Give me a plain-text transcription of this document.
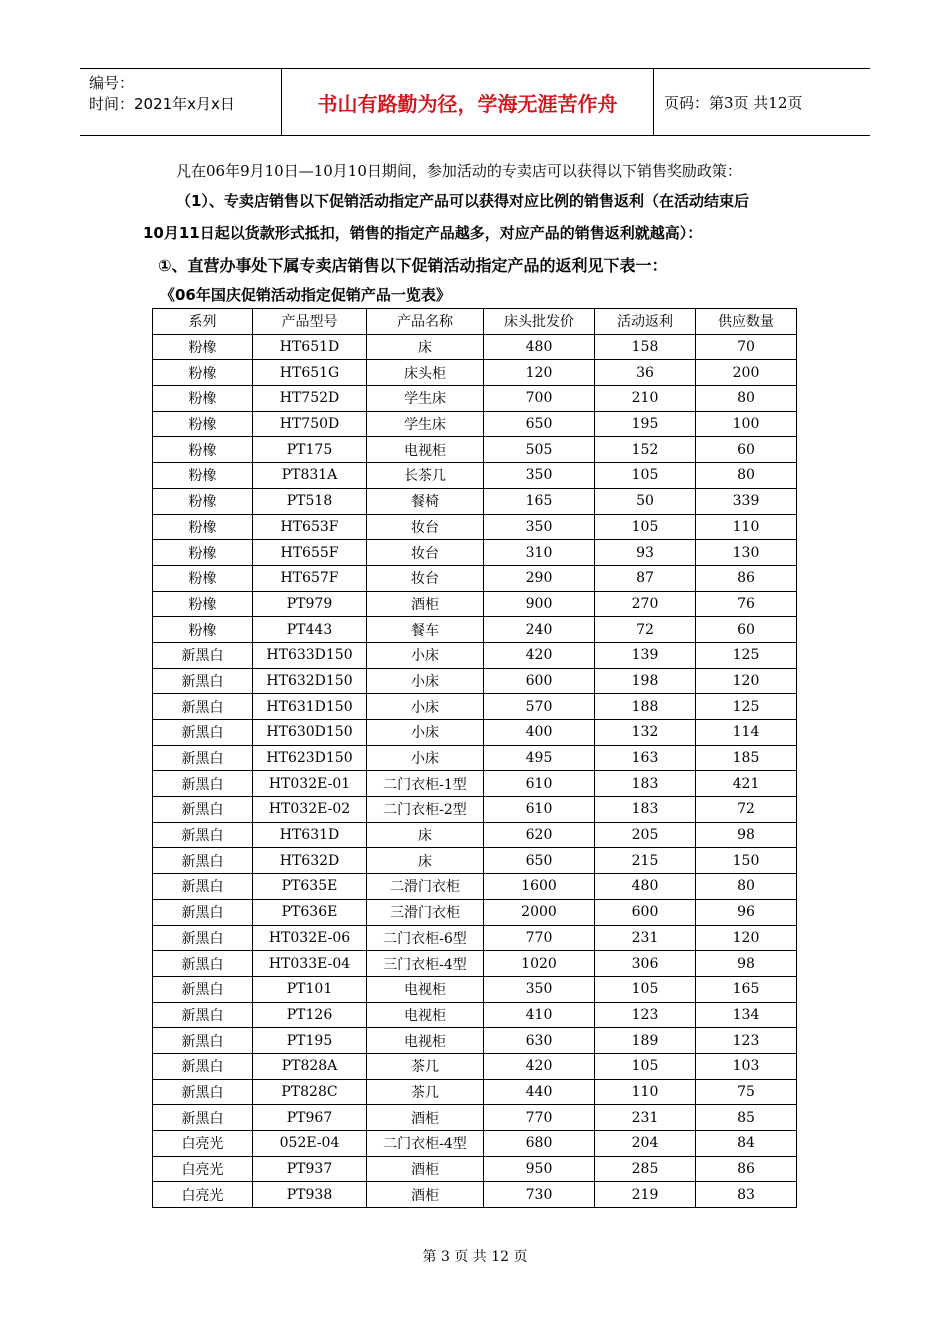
编号：
时间：2021年x月x日	书山有路勤为径，学海无涯苦作舟	页码：第3页 共12页
凡在06年9月10日—10月10日期间，参加活动的专卖店可以获得以下销售奖励政策：
（1）、专卖店销售以下促销活动指定产品可以获得对应比例的销售返利（在活动结束后
10月11日起以货款形式抵扣，销售的指定产品越多，对应产品的销售返利就越高）：
①、直营办事处下属专卖店销售以下促销活动指定产品的返利见下表一：
《06年国庆促销活动指定促销产品一览表》
系列	产品型号	产品名称	床头批发价	活动返利	供应数量
粉橡	HT651D	床	480	158	70
粉橡	HT651G	床头柜	120	36	200
粉橡	HT752D	学生床	700	210	80
粉橡	HT750D	学生床	650	195	100
粉橡	PT175	电视柜	505	152	60
粉橡	PT831A	长茶几	350	105	80
粉橡	PT518	餐椅	165	50	339
粉橡	HT653F	妆台	350	105	110
粉橡	HT655F	妆台	310	93	130
粉橡	HT657F	妆台	290	87	86
粉橡	PT979	酒柜	900	270	76
粉橡	PT443	餐车	240	72	60
新黑白	HT633D150	小床	420	139	125
新黑白	HT632D150	小床	600	198	120
新黑白	HT631D150	小床	570	188	125
新黑白	HT630D150	小床	400	132	114
新黑白	HT623D150	小床	495	163	185
新黑白	HT032E-01	二门衣柜-1型	610	183	421
新黑白	HT032E-02	二门衣柜-2型	610	183	72
新黑白	HT631D	床	620	205	98
新黑白	HT632D	床	650	215	150
新黑白	PT635E	二滑门衣柜	1600	480	80
新黑白	PT636E	三滑门衣柜	2000	600	96
新黑白	HT032E-06	二门衣柜-6型	770	231	120
新黑白	HT033E-04	三门衣柜-4型	1020	306	98
新黑白	PT101	电视柜	350	105	165
新黑白	PT126	电视柜	410	123	134
新黑白	PT195	电视柜	630	189	123
新黑白	PT828A	茶几	420	105	103
新黑白	PT828C	茶几	440	110	75
新黑白	PT967	酒柜	770	231	85
白亮光	052E-04	二门衣柜-4型	680	204	84
白亮光	PT937	酒柜	950	285	86
白亮光	PT938	酒柜	730	219	83
第 3 页 共 12 页
